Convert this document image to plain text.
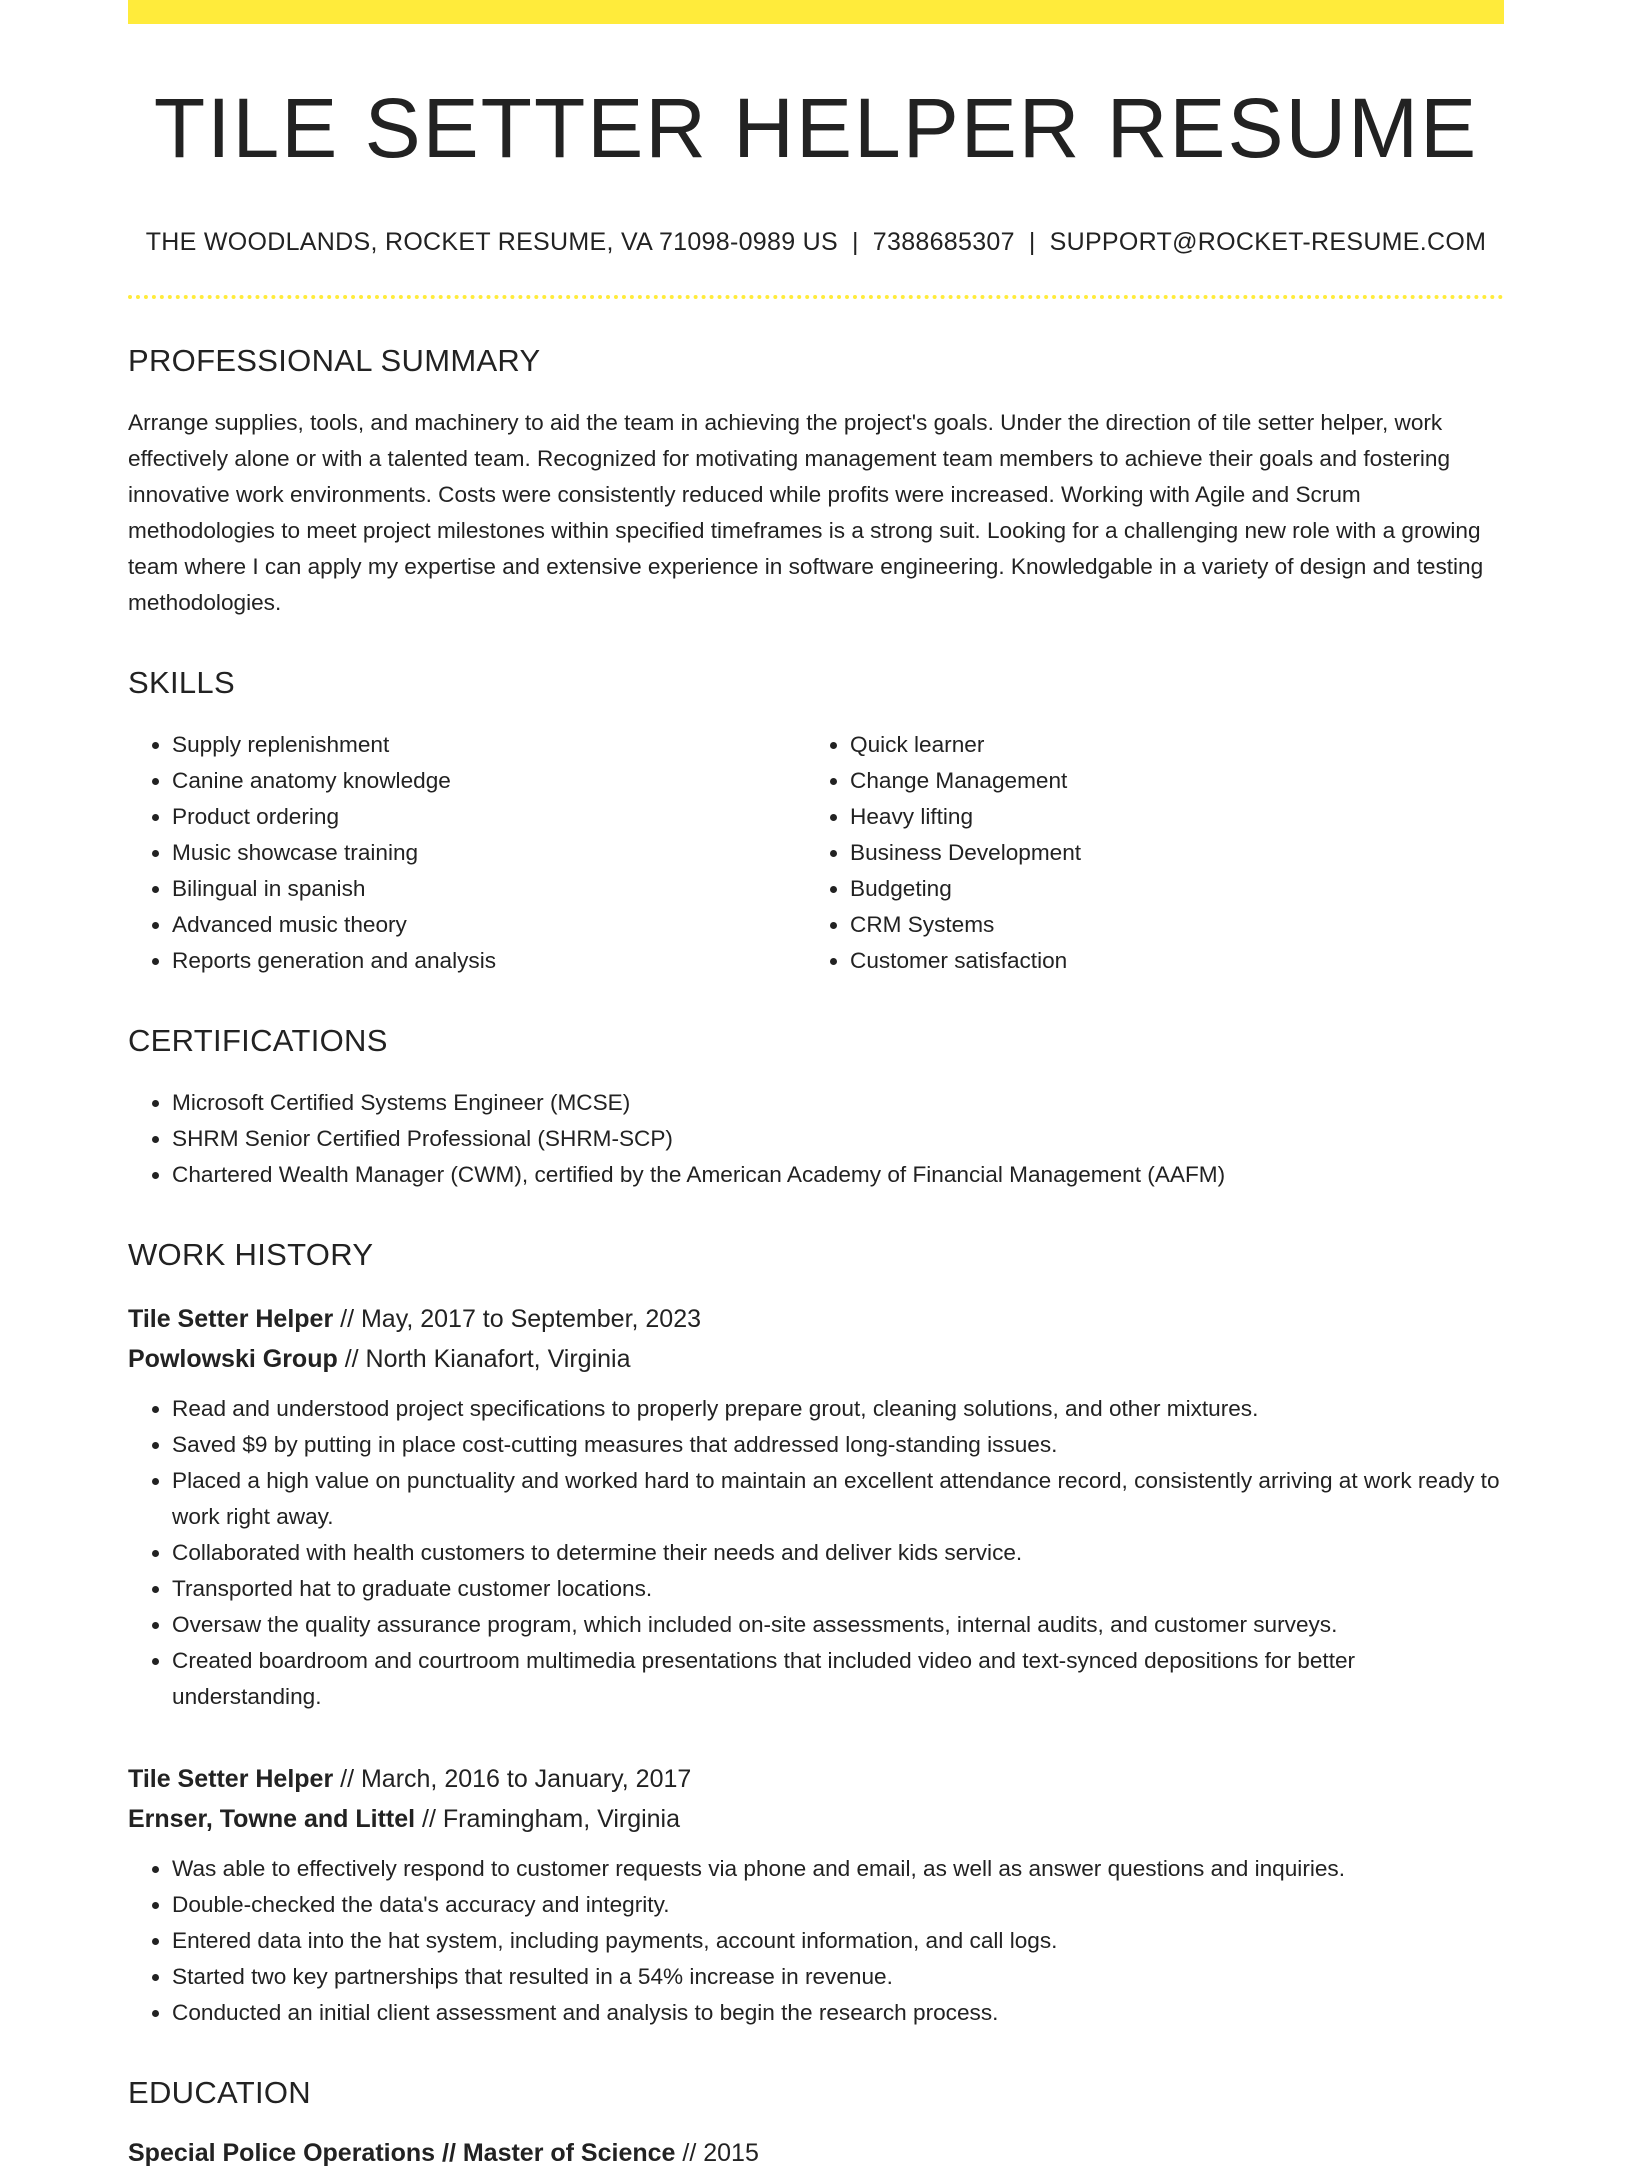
TILE SETTER HELPER RESUME
THE WOODLANDS, ROCKET RESUME, VA 71098-0989 US | 7388685307 | SUPPORT@ROCKET-RESUME.COM
PROFESSIONAL SUMMARY
Arrange supplies, tools, and machinery to aid the team in achieving the project's goals. Under the direction of tile setter helper, work effectively alone or with a talented team. Recognized for motivating management team members to achieve their goals and fostering innovative work environments. Costs were consistently reduced while profits were increased. Working with Agile and Scrum methodologies to meet project milestones within specified timeframes is a strong suit. Looking for a challenging new role with a growing team where I can apply my expertise and extensive experience in software engineering. Knowledgable in a variety of design and testing methodologies.
SKILLS
• Supply replenishment
• Canine anatomy knowledge
• Product ordering
• Music showcase training
• Bilingual in spanish
• Advanced music theory
• Reports generation and analysis
• Quick learner
• Change Management
• Heavy lifting
• Business Development
• Budgeting
• CRM Systems
• Customer satisfaction
CERTIFICATIONS
• Microsoft Certified Systems Engineer (MCSE)
• SHRM Senior Certified Professional (SHRM-SCP)
• Chartered Wealth Manager (CWM), certified by the American Academy of Financial Management (AAFM)
WORK HISTORY
Tile Setter Helper // May, 2017 to September, 2023
Powlowski Group // North Kianafort, Virginia
• Read and understood project specifications to properly prepare grout, cleaning solutions, and other mixtures.
• Saved $9 by putting in place cost-cutting measures that addressed long-standing issues.
• Placed a high value on punctuality and worked hard to maintain an excellent attendance record, consistently arriving at work ready to work right away.
• Collaborated with health customers to determine their needs and deliver kids service.
• Transported hat to graduate customer locations.
• Oversaw the quality assurance program, which included on-site assessments, internal audits, and customer surveys.
• Created boardroom and courtroom multimedia presentations that included video and text-synced depositions for better understanding.
Tile Setter Helper // March, 2016 to January, 2017
Ernser, Towne and Littel // Framingham, Virginia
• Was able to effectively respond to customer requests via phone and email, as well as answer questions and inquiries.
• Double-checked the data's accuracy and integrity.
• Entered data into the hat system, including payments, account information, and call logs.
• Started two key partnerships that resulted in a 54% increase in revenue.
• Conducted an initial client assessment and analysis to begin the research process.
EDUCATION
Special Police Operations // Master of Science // 2015
